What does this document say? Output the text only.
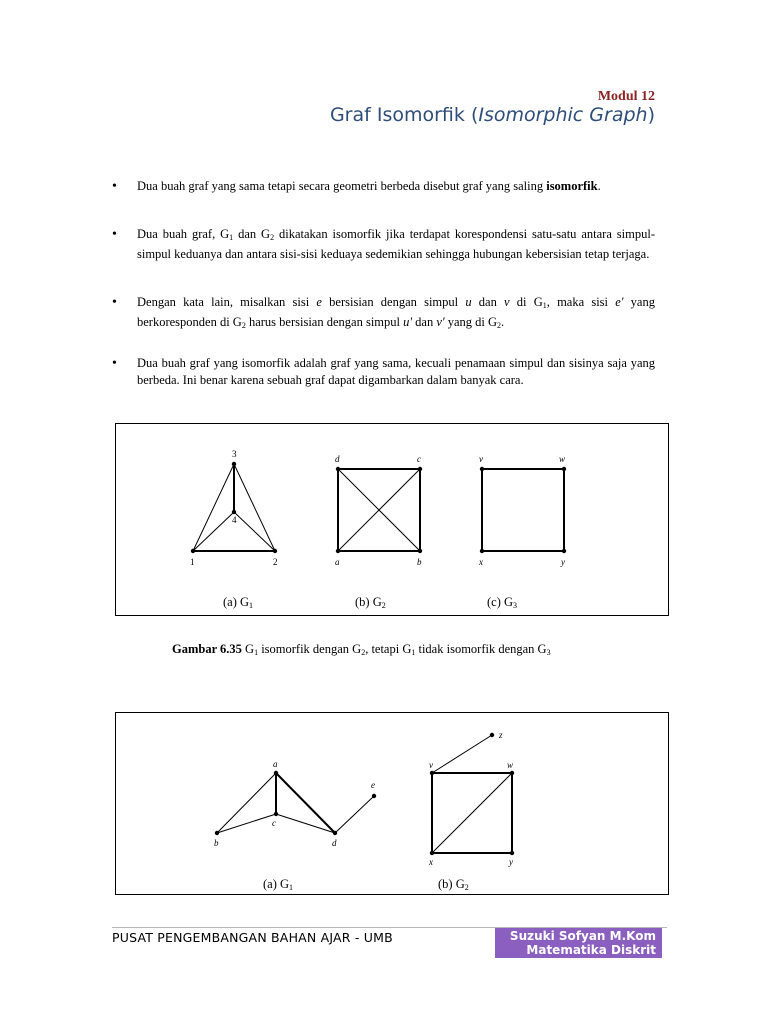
Modul 12
Graf Isomorfik (Isomorphic Graph)
• Dua buah graf yang sama tetapi secara geometri berbeda disebut graf yang saling isomorfik.
• Dua buah graf, $G_1$ dan $G_2$ dikatakan isomorfik jika terdapat korespondensi satu-satu antara simpul-simpul keduanya dan antara sisi-sisi keduaya sedemikian sehingga hubungan kebersisian tetap terjaga.
• Dengan kata lain, misalkan sisi e bersisian dengan simpul u dan v di $G_1$, maka sisi e' yang berkoresponden di $G_2$ harus bersisian dengan simpul u' dan v' yang di $G_2$.
• Dua buah graf yang isomorfik adalah graf yang sama, kecuali penamaan simpul dan sisinya saja yang berbeda. Ini benar karena sebuah graf dapat digambarkan dalam banyak cara.
3
4
1	2
d	c
a	b
v	w
x	y
(a) G1	(b) G2	(c) G3
Gambar 6.35 $G_1$ isomorfik dengan $G_2$, tetapi $G_1$ tidak isomorfik dengan $G_3$
a
e
c
b	d
z
v	w
x	y
(a) G1	(b) G2
PUSAT PENGEMBANGAN BAHAN AJAR - UMB	Suzuki Sofyan M.Kom
Matematika Diskrit
